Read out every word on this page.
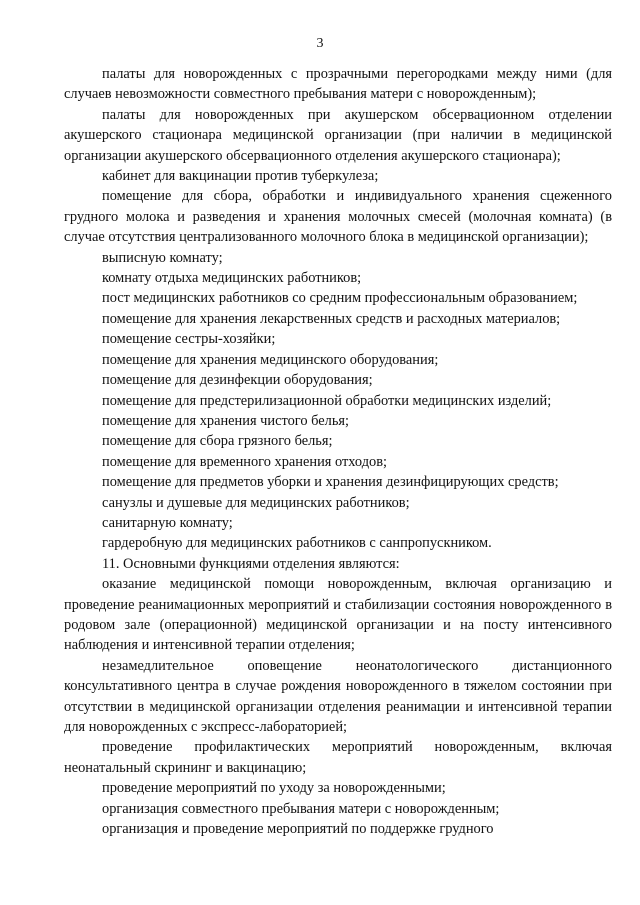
3

палаты для новорожденных с прозрачными перегородками между ними (для случаев невозможности совместного пребывания матери с новорожденным);

палаты для новорожденных при акушерском обсервационном отделении акушерского стационара медицинской организации (при наличии в медицинской организации акушерского обсервационного отделения акушерского стационара);

кабинет для вакцинации против туберкулеза;

помещение для сбора, обработки и индивидуального хранения сцеженного грудного молока и разведения и хранения молочных смесей (молочная комната) (в случае отсутствия централизованного молочного блока в медицинской организации);

выписную комнату;

комнату отдыха медицинских работников;

пост медицинских работников со средним профессиональным образованием;

помещение для хранения лекарственных средств и расходных материалов;

помещение сестры-хозяйки;

помещение для хранения медицинского оборудования;

помещение для дезинфекции оборудования;

помещение для предстерилизационной обработки медицинских изделий;

помещение для хранения чистого белья;

помещение для сбора грязного белья;

помещение для временного хранения отходов;

помещение для предметов уборки и хранения дезинфицирующих средств;

санузлы и душевые для медицинских работников;

санитарную комнату;

гардеробную для медицинских работников с санпропускником.

11. Основными функциями отделения являются:

оказание медицинской помощи новорожденным, включая организацию и проведение реанимационных мероприятий и стабилизации состояния новорожденного в родовом зале (операционной) медицинской организации и на посту интенсивного наблюдения и интенсивной терапии отделения;

незамедлительное оповещение неонатологического дистанционного консультативного центра в случае рождения новорожденного в тяжелом состоянии при отсутствии в медицинской организации отделения реанимации и интенсивной терапии для новорожденных с экспресс-лабораторией;

проведение профилактических мероприятий новорожденным, включая неонатальный скрининг и вакцинацию;

проведение мероприятий по уходу за новорожденными;

организация совместного пребывания матери с новорожденным;

организация и проведение мероприятий по поддержке грудного
